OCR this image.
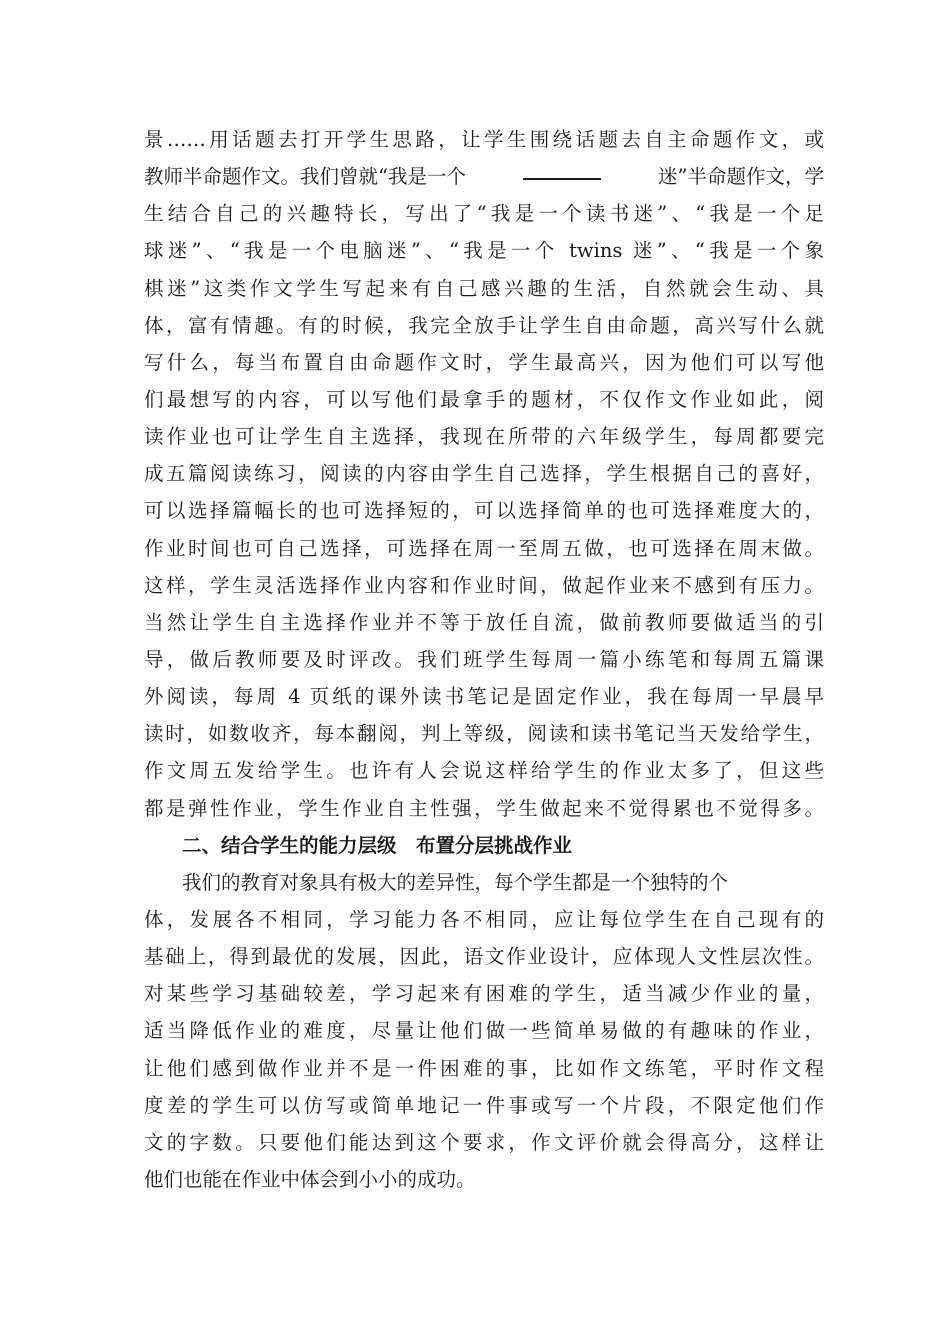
景……用话题去打开学生思路，让学生围绕话题去自主命题作文，或
教师半命题作文。我们曾就“我是一个	迷”半命题作文，学
生结合自己的兴趣特长，写出了“我是一个读书迷”、“我是一个足
球迷”、“我是一个电脑迷”、“我是一个 twins 迷”、“我是一个象
棋迷”这类作文学生写起来有自己感兴趣的生活，自然就会生动、具
体，富有情趣。有的时候，我完全放手让学生自由命题，高兴写什么就
写什么，每当布置自由命题作文时，学生最高兴，因为他们可以写他
们最想写的内容，可以写他们最拿手的题材，不仅作文作业如此，阅
读作业也可让学生自主选择，我现在所带的六年级学生，每周都要完
成五篇阅读练习，阅读的内容由学生自己选择，学生根据自己的喜好，
可以选择篇幅长的也可选择短的，可以选择简单的也可选择难度大的，
作业时间也可自己选择，可选择在周一至周五做，也可选择在周末做。
这样，学生灵活选择作业内容和作业时间，做起作业来不感到有压力。
当然让学生自主选择作业并不等于放任自流，做前教师要做适当的引
导，做后教师要及时评改。我们班学生每周一篇小练笔和每周五篇课
外阅读，每周 4 页纸的课外读书笔记是固定作业，我在每周一早晨早
读时，如数收齐，每本翻阅，判上等级，阅读和读书笔记当天发给学生，
作文周五发给学生。也许有人会说这样给学生的作业太多了，但这些
都是弹性作业，学生作业自主性强，学生做起来不觉得累也不觉得多。
二、结合学生的能力层级　布置分层挑战作业
我们的教育对象具有极大的差异性，每个学生都是一个独特的个
体，发展各不相同，学习能力各不相同，应让每位学生在自己现有的
基础上，得到最优的发展，因此，语文作业设计，应体现人文性层次性。
对某些学习基础较差，学习起来有困难的学生，适当减少作业的量，
适当降低作业的难度，尽量让他们做一些简单易做的有趣味的作业，
让他们感到做作业并不是一件困难的事，比如作文练笔，平时作文程
度差的学生可以仿写或简单地记一件事或写一个片段，不限定他们作
文的字数。只要他们能达到这个要求，作文评价就会得高分，这样让
他们也能在作业中体会到小小的成功。
